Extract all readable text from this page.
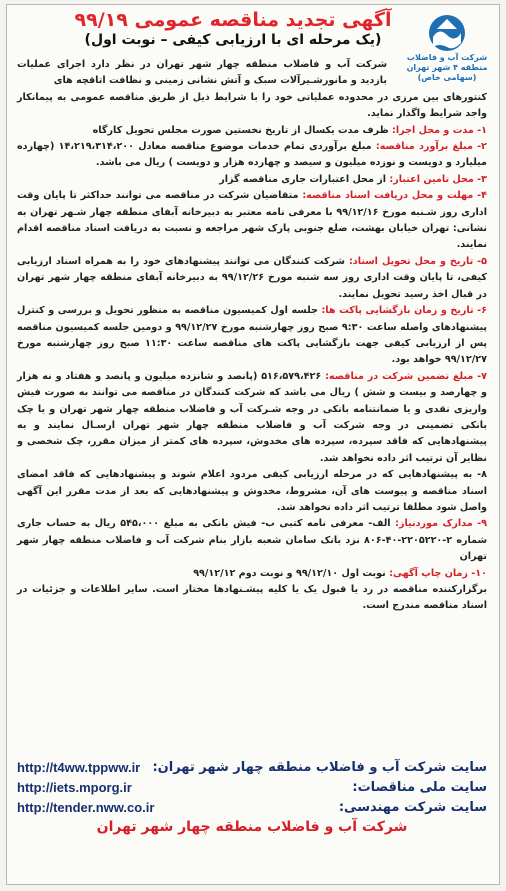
شرکت آب و فاضلاب
منطقه ۴ شهر تهران
(سهامی خاص)
آگهی تجدید مناقصه عمومی ۹۹/۱۹
(یک مرحله ای با ارزیابی کیفی – نوبت اول)
شرکت آب و فاضلاب منطقه چهار شهر تهران در نظر دارد اجرای عملیات بازدید و مانورشـیرآلات سبک و آتش نشانی زمینی و نظافت اتاقچه های
کنتورهای بین مرزی در محدوده عملیاتی خود را با شرایط ذیل از طریق مناقصه عمومی به پیمانکار واجد شرایط واگذار نماید.
۱- مدت و محل اجرا: ظرف مدت یکسال از تاریخ نخستین صورت مجلس تحویل کارگاه
۲- مبلغ برآورد مناقصه: مبلغ برآوردی تمام خدمات موضوع مناقصه معادل ۱۴،۲۱۹،۳۱۴،۲۰۰ (چهارده میلیارد و دویست و نوزده میلیون و سیصد و چهارده هزار و دویست ) ریال می باشد.
۳- محل تامین اعتبار: از محل اعتبارات جاری مناقصه گزار
۴- مهلت و محل دریافت اسناد مناقصه: متقاضیان شرکت در مناقصه می توانند حداکثر تا پایان وقت اداری روز شـنبه مورخ ۹۹/۱۲/۱۶ با معرفی نامه معتبر به دبیرخانه آبفای منطقه چهار شـهر تهران به نشانی: تهران خیابان بهشت، ضلع جنوبی پارک شهر مراجعه و نسبت به دریافت اسناد مناقصه اقدام نمایند.
۵- تاریخ و محل تحویل اسناد: شرکت کنندگان می توانند پیشنهادهای خود را به همراه اسناد ارزیابی کیفی، تا پایان وقت اداری روز سه شنبه مورخ ۹۹/۱۲/۲۶ به دبیرخانه آبفای منطقه چهار شهر تهران در قبال اخذ رسید تحویل نمایند.
۶- تاریخ و زمان بازگشایی پاکت ها: جلسه اول کمیسیون مناقصه به منظور تحویل و بررسی و کنترل پیشنهادهای واصله ساعت ۹:۳۰ صبح روز چهارشنبه مورخ ۹۹/۱۲/۲۷ و دومین جلسه کمیسیون مناقصه پس از ارزیابی کیفی جهت بازگشایی پاکت های مناقصه ساعت ۱۱:۳۰ صبح روز چهارشنبه مورخ ۹۹/۱۲/۲۷ خواهد بود.
۷- مبلغ تضمین شرکت در مناقصه: ۵۱۶،۵۷۹،۴۲۶ (پانصد و شانزده میلیون و پانصد و هفتاد و نه هزار و چهارصد و بیست و شش ) ریال می باشد که شرکت کنندگان در مناقصه می توانند به صورت فیش واریزی نقدی و یا ضمانتنامه بانکی در وجه شـرکت آب و فاضلاب منطقه چهار شهر تهران و یا چک بانکی تضمینی در وجه شرکت آب و فاضلاب منطقه چهار شهر تهران ارسـال نمایند و به پیشنهادهایی که فاقد سپرده، سپرده های مخدوش، سپرده های کمتر از میزان مقرر، چک شخصی و نظایر آن ترتیب اثر داده نخواهد شد.
۸- به پیشنهادهایی که در مرحله ارزیابی کیفی مردود اعلام شوند و پیشنهادهایی که فاقد امضای اسناد مناقصه و پیوست های آن، مشروط، مخدوش و پیشنهادهایی که بعد از مدت مقرر این آگهی واصل شود مطلقا ترتیب اثر داده نخواهد شد.
۹- مدارک موردنیاز: الف- معرفی نامه کتبی ب- فیش بانکی به مبلغ ۵۴۵،۰۰۰ ریال به حساب جاری شماره ۲-۲۲۰۵۲۲۰-۴۰-۸۰۶ نزد بانک سامان شعبه بازار بنام شرکت آب و فاضلاب منطقه چهار شهر تهران
۱۰- زمان چاپ آگهی: نوبت اول ۹۹/۱۲/۱۰ و نوبت دوم ۹۹/۱۲/۱۲
برگزارکننده مناقصه در رد یا قبول یک یا کلیه پیشـنهادها مختار است. سایر اطلاعات و جزئیات در اسناد مناقصه مندرج است.
سایت شرکت آب و فاضلاب منطقه چهار شهر تهران:
http://t4ww.tppww.ir
سایت ملی مناقصات:
http://iets.mporg.ir
سایت شرکت مهندسی:
http://tender.nww.co.ir
شرکت آب و فاضلاب منطقه چهار شهر تهران
